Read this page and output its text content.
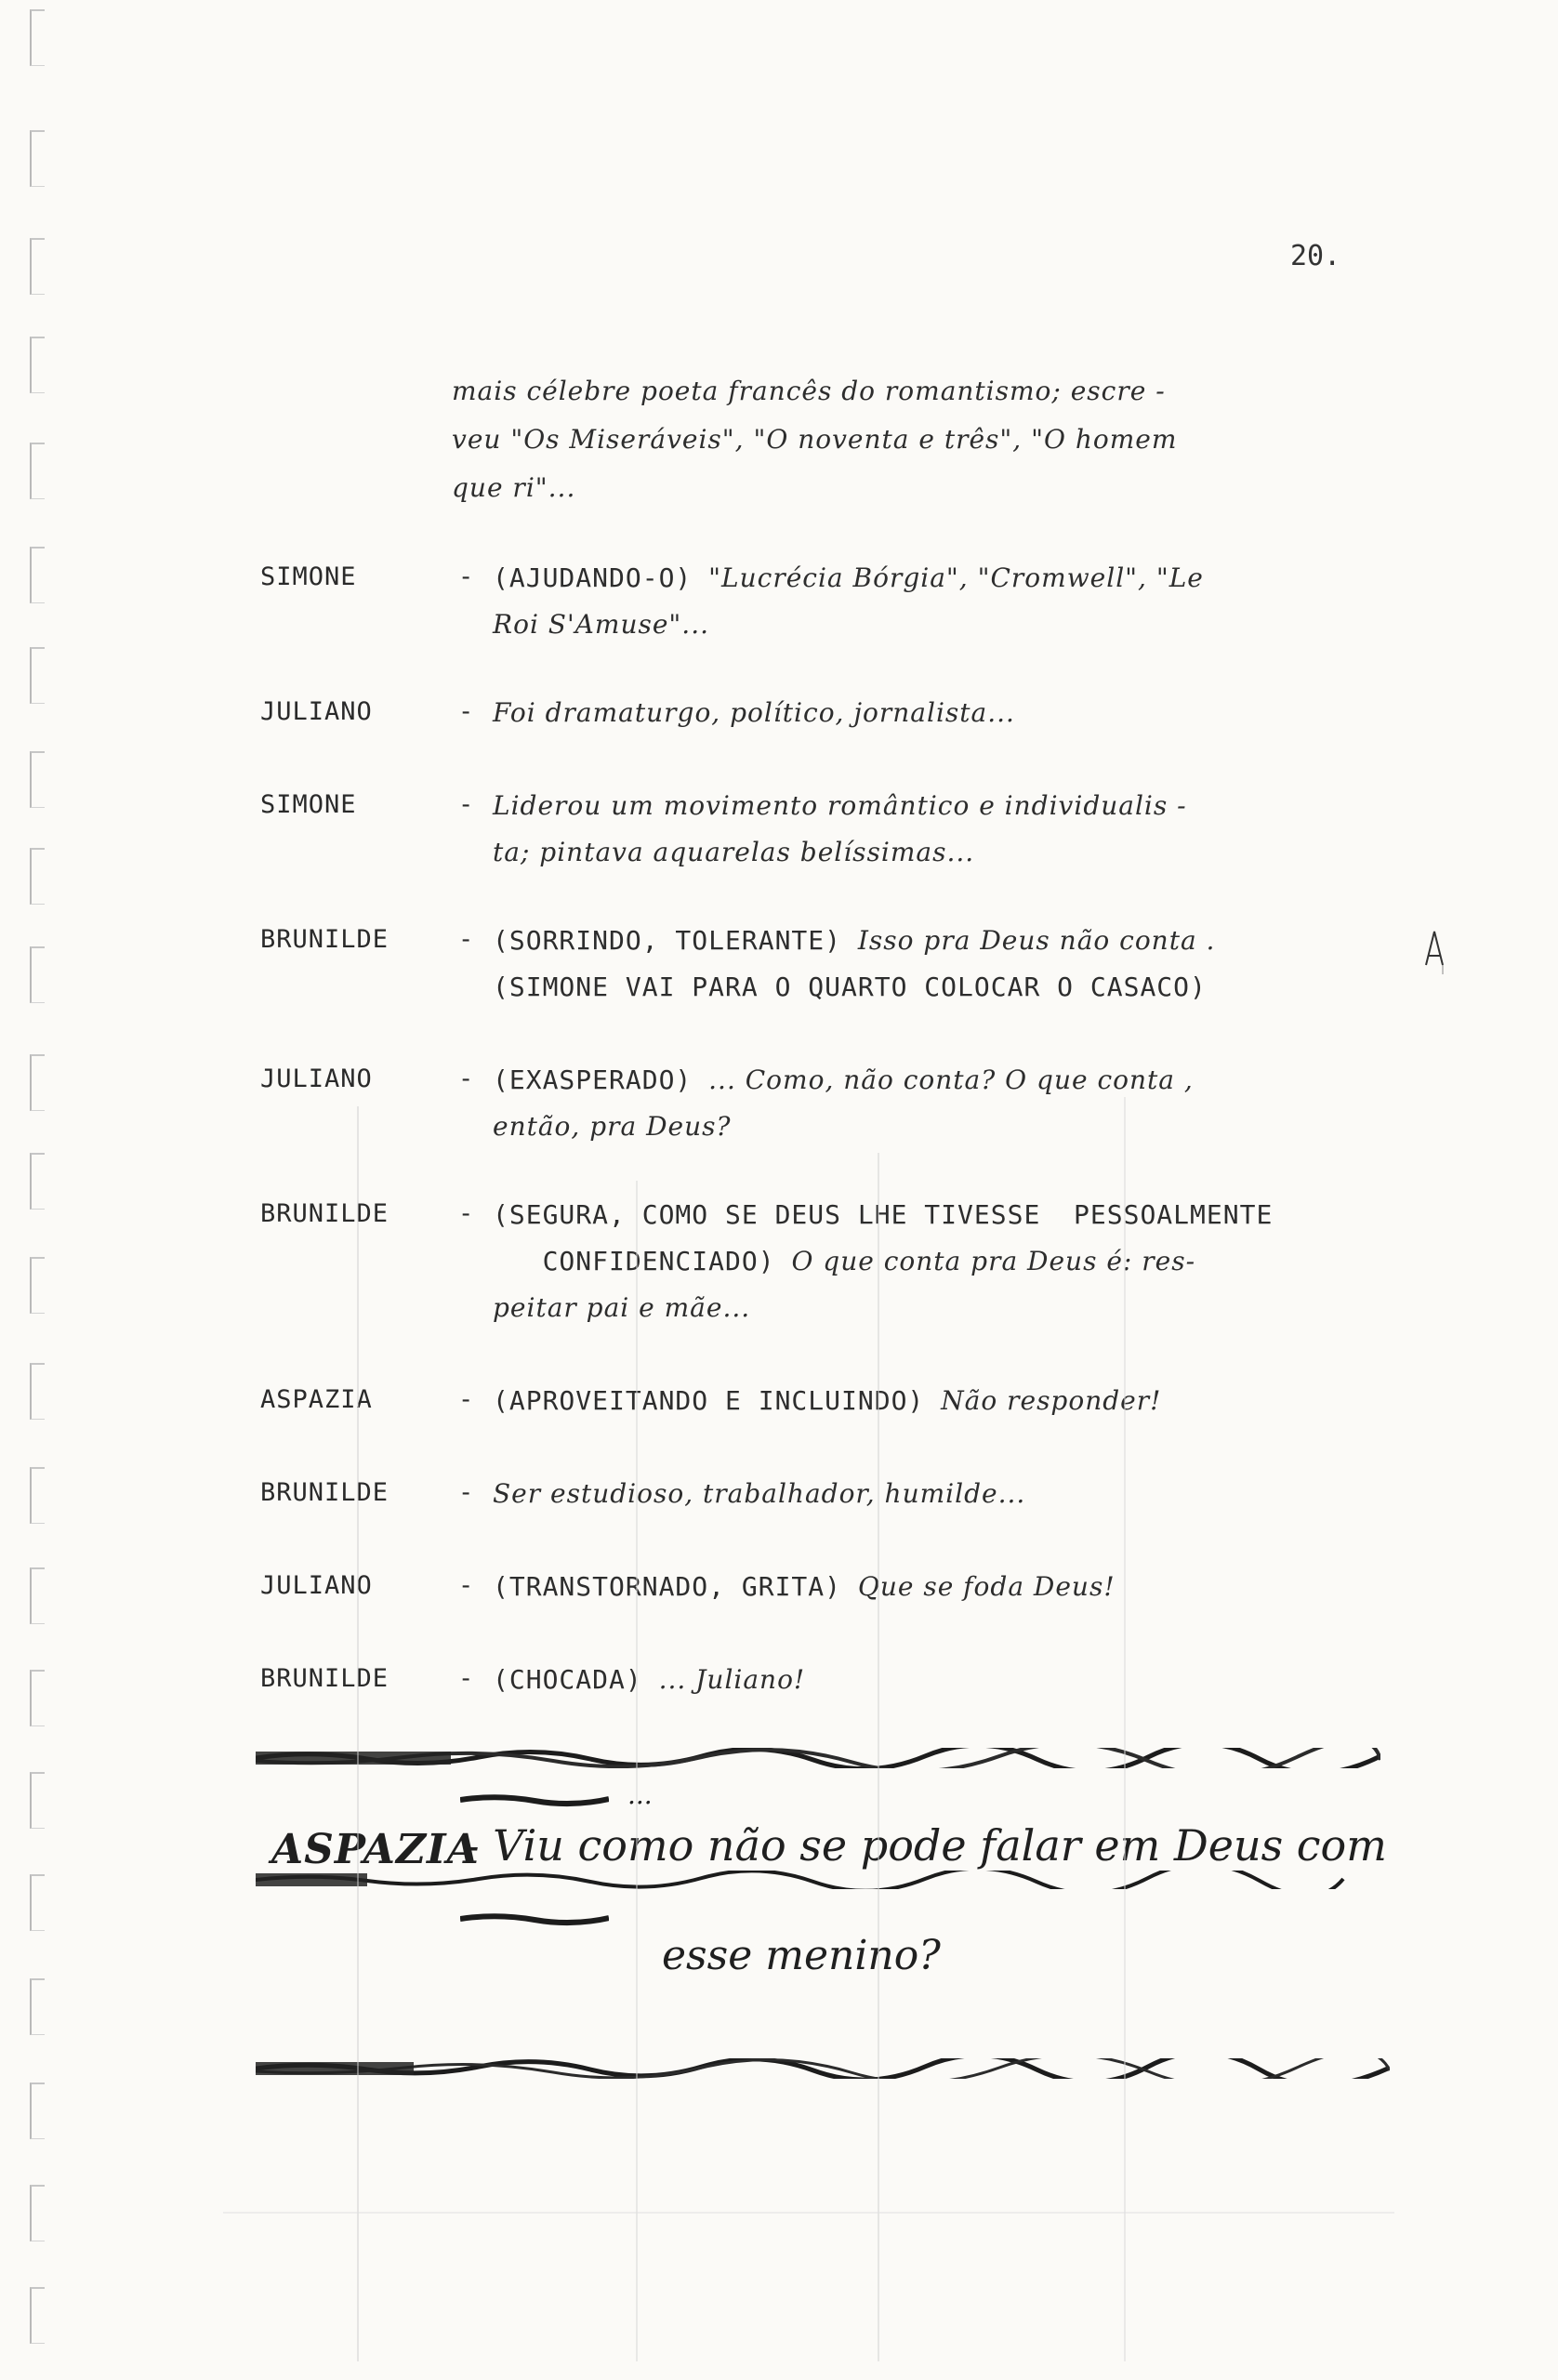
20.
mais célebre poeta francês do romantismo; escre -
veu "Os Miseráveis", "O noventa e três", "O homem
que ri"...
SIMONE	- (AJUDANDO-O) "Lucrécia Bórgia", "Cromwell", "Le
Roi S'Amuse"...
JULIANO	- Foi dramaturgo, político, jornalista...
SIMONE	- Liderou um movimento romântico e individualis -
ta; pintava aquarelas belíssimas...
BRUNILDE	- (SORRINDO, TOLERANTE) Isso pra Deus não conta .
(SIMONE VAI PARA O QUARTO COLOCAR O CASACO)
JULIANO	- (EXASPERADO) ... Como, não conta? O que conta ,
então, pra Deus?
BRUNILDE	- (SEGURA, COMO SE DEUS LHE TIVESSE  PESSOALMENTE
CONFIDENCIADO) O que conta pra Deus é: res-
peitar pai e mãe...
ASPAZIA	- (APROVEITANDO E INCLUINDO) Não responder!
BRUNILDE	- Ser estudioso, trabalhador, humilde...
JULIANO	- (TRANSTORNADO, GRITA) Que se foda Deus!
BRUNILDE	- (CHOCADA) ... Juliano!
...
ASPAZIA
- Viu como não se pode falar em Deus com
esse menino?
